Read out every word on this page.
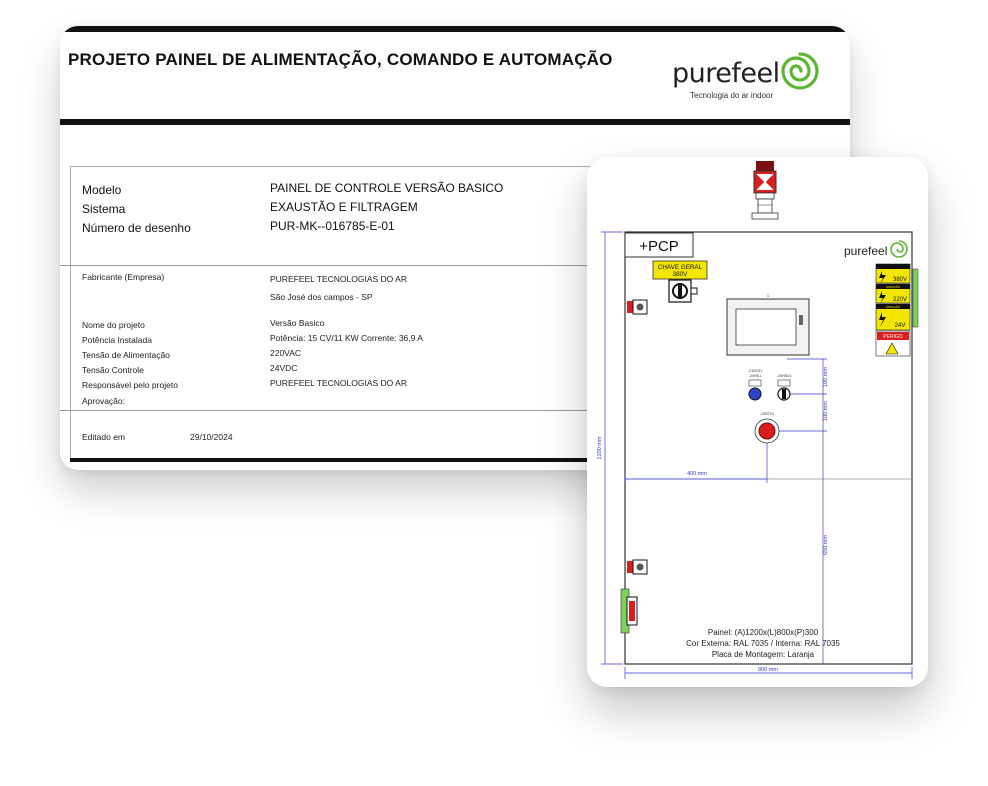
PROJETO PAINEL DE ALIMENTAÇÃO, COMANDO E AUTOMAÇÃO purefeel
Tecnologia do ar indoor
Modelo	PAINEL DE CONTROLE VERSÃO BASICO
Sistema	EXAUSTÃO E FILTRAGEM
Número de desenho	PUR-MK--016785-E-01
Fabricante (Empresa)	PUREFEEL TECNOLOGIAS DO AR
São José dos campos - SP
Nome do projeto	Versão Basico
Potência Instalada	Potência: 15 CV/11 KW Corrente: 36,9 A
Tensão de Alimentação	220VAC
Tensão Controle	24VDC
Responsável pelo projeto	PUREFEEL TECNOLOGIAS DO AR
Aprovação:
Editado em	29/10/2024
+PCP
CHAVE GERAL
380V
1
-21BT01
-20R01	-20HS01
-22BT01
purefeel
380V
ATENÇÃO
220V
ATENÇÃO
24V
PERIGO
1200 mm
800 mm
400 mm
100 mm
100 mm
650 mm
Painel: (A)1200x(L)800x(P)300
Cor Externa: RAL 7035 / Interna: RAL 7035
Placa de Montagem: Laranja
